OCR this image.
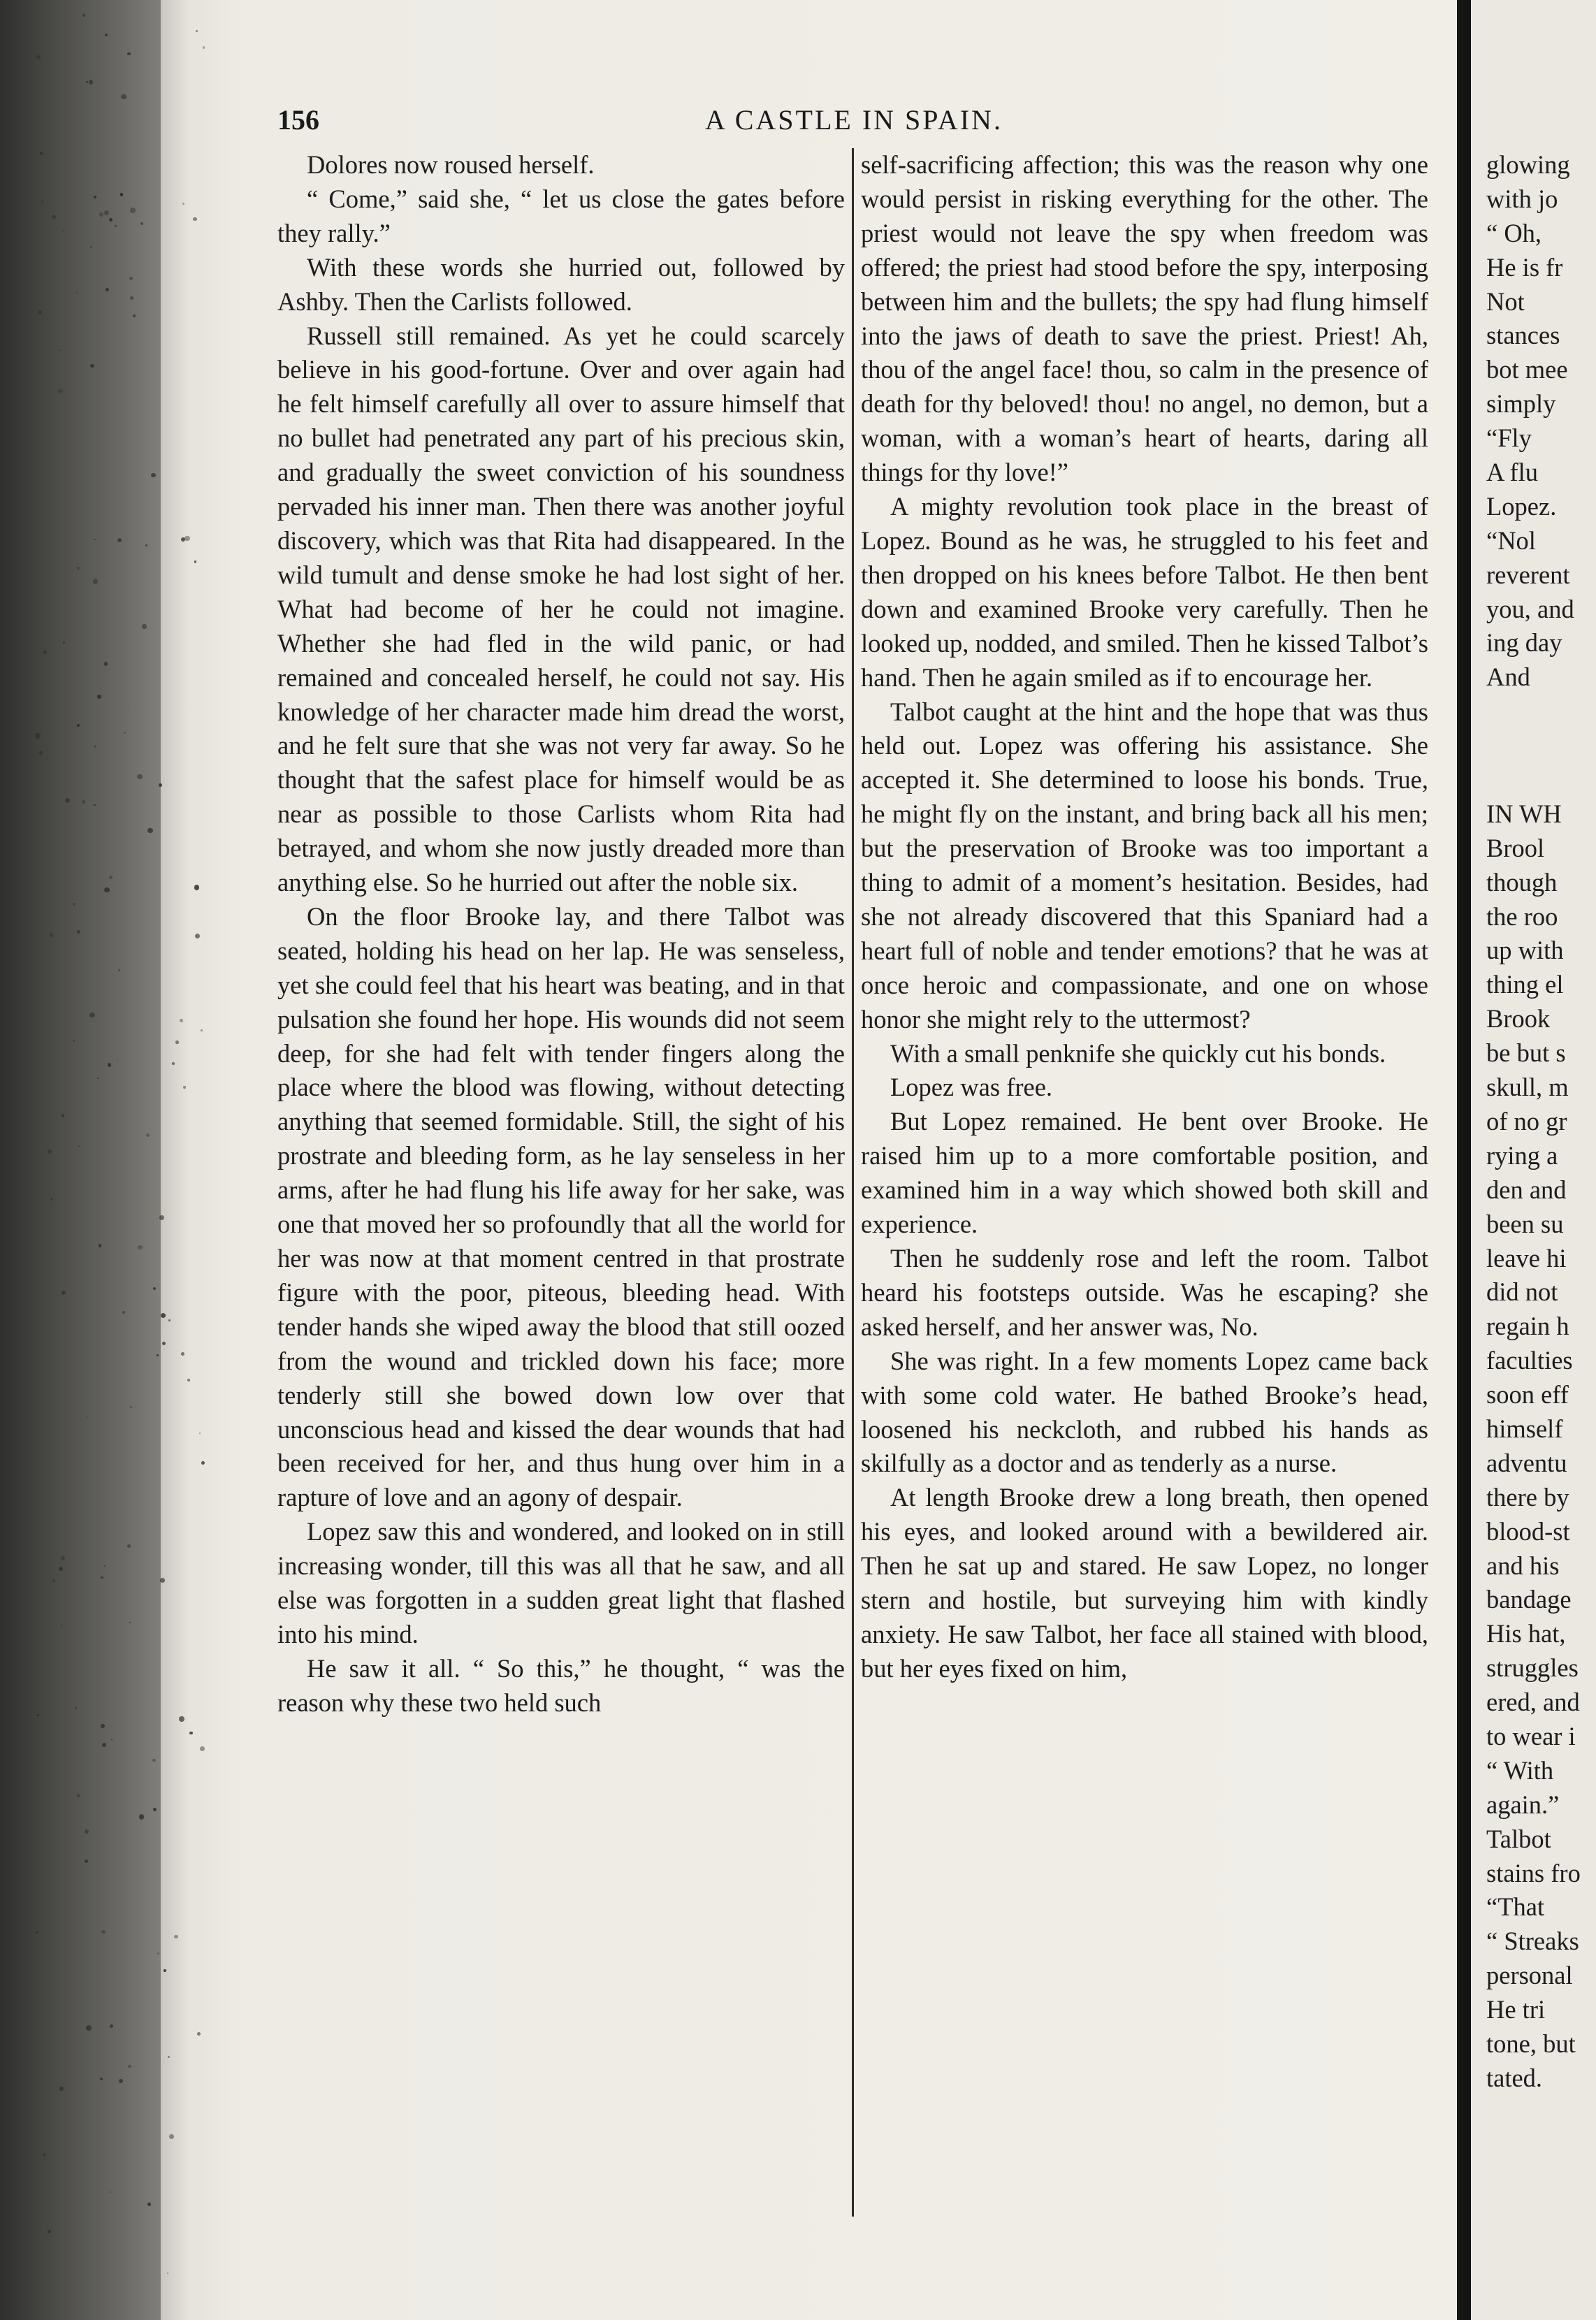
156	A CASTLE IN SPAIN.

Dolores now roused herself.

“ Come,” said she, “ let us close the gates before they rally.”

With these words she hurried out, followed by Ashby. Then the Carlists followed.

Russell still remained. As yet he could scarcely believe in his good-fortune. Over and over again had he felt himself carefully all over to assure himself that no bullet had penetrated any part of his precious skin, and gradually the sweet conviction of his soundness pervaded his inner man. Then there was another joyful discovery, which was that Rita had disappeared. In the wild tumult and dense smoke he had lost sight of her. What had become of her he could not imagine. Whether she had fled in the wild panic, or had remained and concealed herself, he could not say. His knowledge of her character made him dread the worst, and he felt sure that she was not very far away. So he thought that the safest place for himself would be as near as possible to those Carlists whom Rita had betrayed, and whom she now justly dreaded more than anything else. So he hurried out after the noble six.

On the floor Brooke lay, and there Talbot was seated, holding his head on her lap. He was senseless, yet she could feel that his heart was beating, and in that pulsation she found her hope. His wounds did not seem deep, for she had felt with tender fingers along the place where the blood was flowing, without detecting anything that seemed formidable. Still, the sight of his prostrate and bleeding form, as he lay senseless in her arms, after he had flung his life away for her sake, was one that moved her so profoundly that all the world for her was now at that moment centred in that prostrate figure with the poor, piteous, bleeding head. With tender hands she wiped away the blood that still oozed from the wound and trickled down his face; more tenderly still she bowed down low over that unconscious head and kissed the dear wounds that had been received for her, and thus hung over him in a rapture of love and an agony of despair.

Lopez saw this and wondered, and looked on in still increasing wonder, till this was all that he saw, and all else was forgotten in a sudden great light that flashed into his mind.

He saw it all. “ So this,” he thought, “ was the reason why these two held such

self-sacrificing affection; this was the reason why one would persist in risking everything for the other. The priest would not leave the spy when freedom was offered; the priest had stood before the spy, interposing between him and the bullets; the spy had flung himself into the jaws of death to save the priest. Priest! Ah, thou of the angel face! thou, so calm in the presence of death for thy beloved! thou! no angel, no demon, but a woman, with a woman’s heart of hearts, daring all things for thy love!”

A mighty revolution took place in the breast of Lopez. Bound as he was, he struggled to his feet and then dropped on his knees before Talbot. He then bent down and examined Brooke very carefully. Then he looked up, nodded, and smiled. Then he kissed Talbot’s hand. Then he again smiled as if to encourage her.

Talbot caught at the hint and the hope that was thus held out. Lopez was offering his assistance. She accepted it. She determined to loose his bonds. True, he might fly on the instant, and bring back all his men; but the preservation of Brooke was too important a thing to admit of a moment’s hesitation. Besides, had she not already discovered that this Spaniard had a heart full of noble and tender emotions? that he was at once heroic and compassionate, and one on whose honor she might rely to the uttermost?

With a small penknife she quickly cut his bonds.

Lopez was free.

But Lopez remained. He bent over Brooke. He raised him up to a more comfortable position, and examined him in a way which showed both skill and experience.

Then he suddenly rose and left the room. Talbot heard his footsteps outside. Was he escaping? she asked herself, and her answer was, No.

She was right. In a few moments Lopez came back with some cold water. He bathed Brooke’s head, loosened his neckcloth, and rubbed his hands as skilfully as a doctor and as tenderly as a nurse.

At length Brooke drew a long breath, then opened his eyes, and looked around with a bewildered air. Then he sat up and stared. He saw Lopez, no longer stern and hostile, but surveying him with kindly anxiety. He saw Talbot, her face all stained with blood, but her eyes fixed on him,

glowing
with jo
“ Oh,
He is fr
Not
stances
bot mee
simply
“Fly
A flu
Lopez.
“Nol
reverent
you, and
ing day
And
IN WH
Brool
though
the roo
up with
thing el
Brook
be but s
skull, m
of no gr
rying a
den and
been su
leave hi
did not
regain h
faculties
soon eff
himself
adventu
there by
blood-st
and his
bandage
His hat,
struggles
ered, and
to wear i
“ With
again.”
Talbot
stains fro
“That
“ Streaks
personal
He tri
tone, but
tated.
